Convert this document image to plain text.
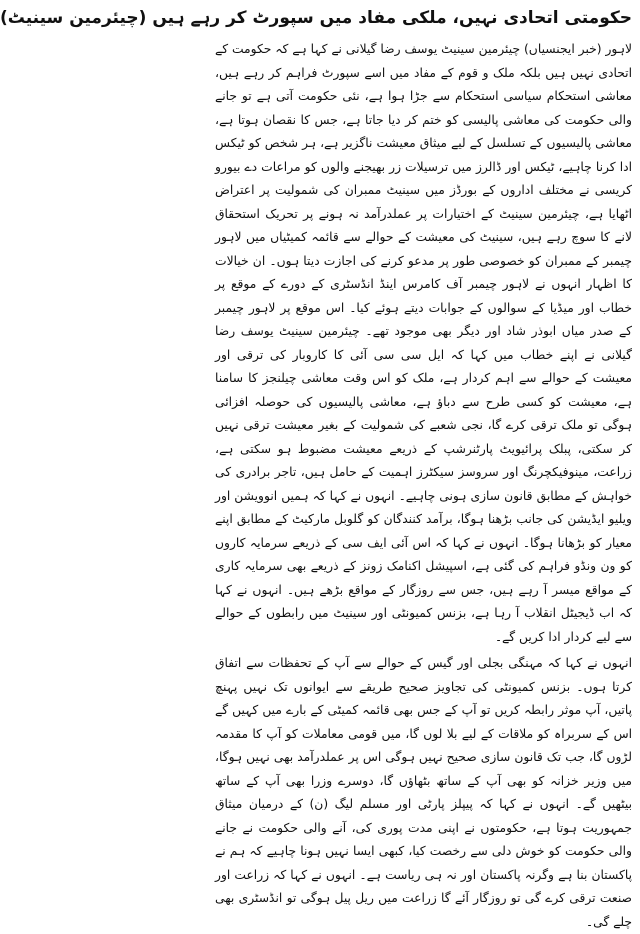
حکومتی اتحادی نہیں، ملکی مفاد میں سپورٹ کر رہے ہیں (چیئرمین سینیٹ)

لاہور (خبر ایجنسیاں) چیئرمین سینیٹ یوسف رضا گیلانی نے کہا ہے کہ حکومت کے اتحادی نہیں ہیں بلکہ ملک و قوم کے مفاد میں اسے سپورٹ فراہم کر رہے ہیں، معاشی استحکام سیاسی استحکام سے جڑا ہوا ہے، نئی حکومت آتی ہے تو جانے والی حکومت کی معاشی پالیسی کو ختم کر دیا جاتا ہے، جس کا نقصان ہوتا ہے، معاشی پالیسیوں کے تسلسل کے لیے میثاق معیشت ناگزیر ہے، ہر شخص کو ٹیکس ادا کرنا چاہیے، ٹیکس اور ڈالرز میں ترسیلات زر بھیجنے والوں کو مراعات دے بیورو کریسی نے مختلف اداروں کے بورڈز میں سینیٹ ممبران کی شمولیت پر اعتراض اٹھایا ہے، چیئرمین سینیٹ کے اختیارات پر عملدرآمد نہ ہونے پر تحریک استحقاق لانے کا سوچ رہے ہیں، سینیٹ کی معیشت کے حوالے سے قائمہ کمیٹیاں میں لاہور چیمبر کے ممبران کو خصوصی طور پر مدعو کرنے کی اجازت دیتا ہوں۔ ان خیالات کا اظہار انہوں نے لاہور چیمبر آف کامرس اینڈ انڈسٹری کے دورے کے موقع پر خطاب اور میڈیا کے سوالوں کے جوابات دیتے ہوئے کیا۔ اس موقع پر لاہور چیمبر کے صدر میاں ابوذر شاد اور دیگر بھی موجود تھے۔ چیئرمین سینیٹ یوسف رضا گیلانی نے اپنے خطاب میں کہا کہ ایل سی سی آئی کا کاروبار کی ترقی اور معیشت کے حوالے سے اہم کردار ہے، ملک کو اس وقت معاشی چیلنجز کا سامنا ہے، معیشت کو کسی طرح سے دباؤ ہے، معاشی پالیسیوں کی حوصلہ افزائی ہوگی تو ملک ترقی کرے گا، نجی شعبے کی شمولیت کے بغیر معیشت ترقی نہیں کر سکتی، پبلک پرائیویٹ پارٹنرشپ کے ذریعے معیشت مضبوط ہو سکتی ہے، زراعت، مینوفیکچرنگ اور سروسز سیکٹرز اہمیت کے حامل ہیں، تاجر برادری کی خواہش کے مطابق قانون سازی ہونی چاہیے۔ انہوں نے کہا کہ ہمیں انوویشن اور ویلیو ایڈیشن کی جانب بڑھنا ہوگا، برآمد کنندگان کو گلوبل مارکیٹ کے مطابق اپنے معیار کو بڑھانا ہوگا۔ انہوں نے کہا کہ اس آئی ایف سی کے ذریعے سرمایہ کاروں کو ون ونڈو فراہم کی گئی ہے، اسپیشل اکنامک زونز کے ذریعے بھی سرمایہ کاری کے مواقع میسر آ رہے ہیں، جس سے روزگار کے مواقع بڑھے ہیں۔ انہوں نے کہا کہ اب ڈیجیٹل انقلاب آ رہا ہے، بزنس کمیونٹی اور سینیٹ میں رابطوں کے حوالے سے لیے کردار ادا کریں گے۔

انہوں نے کہا کہ مہنگی بجلی اور گیس کے حوالے سے آپ کے تحفظات سے اتفاق کرتا ہوں۔ بزنس کمیونٹی کی تجاویز صحیح طریقے سے ایوانوں تک نہیں پہنچ پاتیں، آپ موثر رابطہ کریں تو آپ کے جس بھی قائمہ کمیٹی کے بارے میں کہیں گے اس کے سربراہ کو ملاقات کے لیے بلا لوں گا، میں قومی معاملات کو آپ کا مقدمہ لڑوں گا، جب تک قانون سازی صحیح نہیں ہوگی اس پر عملدرآمد بھی نہیں ہوگا، میں وزیر خزانہ کو بھی آپ کے ساتھ بٹھاؤں گا، دوسرے وزرا بھی آپ کے ساتھ بیٹھیں گے۔ انہوں نے کہا کہ پیپلز پارٹی اور مسلم لیگ (ن) کے درمیان میثاق جمہوریت ہوتا ہے، حکومتوں نے اپنی مدت پوری کی، آنے والی حکومت نے جانے والی حکومت کو خوش دلی سے رخصت کیا، کبھی ایسا نہیں ہونا چاہیے کہ ہم نے پاکستان بنا ہے وگرنہ پاکستان اور نہ ہی ریاست ہے۔ انہوں نے کہا کہ زراعت اور صنعت ترقی کرے گی تو روزگار آئے گا زراعت میں ریل پیل ہوگی تو انڈسٹری بھی چلے گی۔
